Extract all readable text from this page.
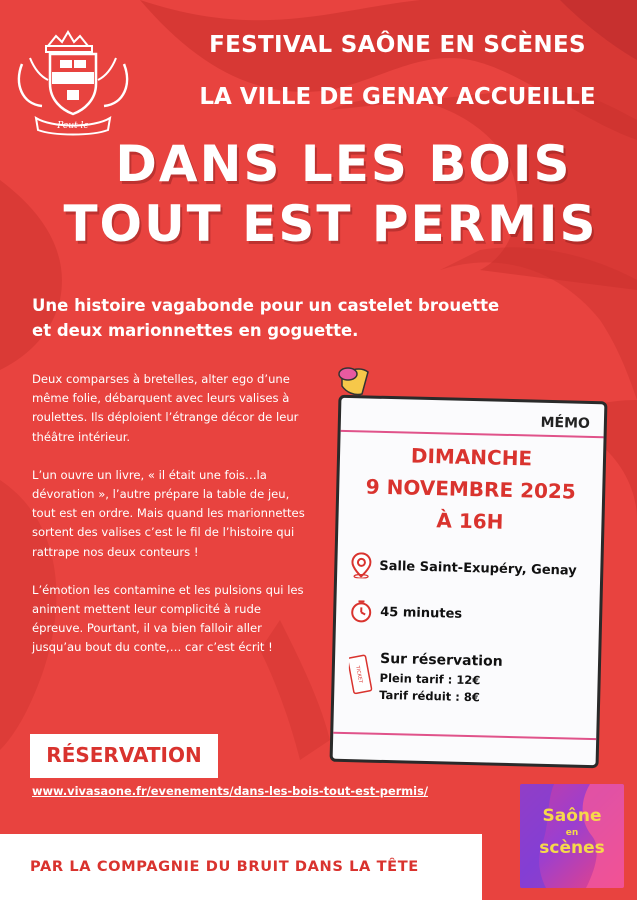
Peut le
FESTIVAL SAÔNE EN SCÈNES
LA VILLE DE GENAY ACCUEILLE
DANS LES BOIS
TOUT EST PERMIS
Une histoire vagabonde pour un castelet brouette
et deux marionnettes en goguette.

Deux comparses à bretelles, alter ego d’une même folie, débarquent avec leurs valises à roulettes. Ils déploient l’étrange décor de leur théâtre intérieur.

L’un ouvre un livre, « il était une fois…la dévoration », l’autre prépare la table de jeu, tout est en ordre. Mais quand les marionnettes sortent des valises c’est le fil de l’histoire qui rattrape nos deux conteurs !

L’émotion les contamine et les pulsions qui les animent mettent leur complicité à rude épreuve. Pourtant, il va bien falloir aller jusqu’au bout du conte,… car c’est écrit !

MÉMO
DIMANCHE
9 NOVEMBRE 2025
À 16H
Salle Saint-Exupéry, Genay
45 minutes
TICKET
Sur réservation
Plein tarif : 12€
Tarif réduit : 8€
RÉSERVATION
www.vivasaone.fr/evenements/dans-les-bois-tout-est-permis/
PAR LA COMPAGNIE DU BRUIT DANS LA TÊTE
Saône
en
scènes
